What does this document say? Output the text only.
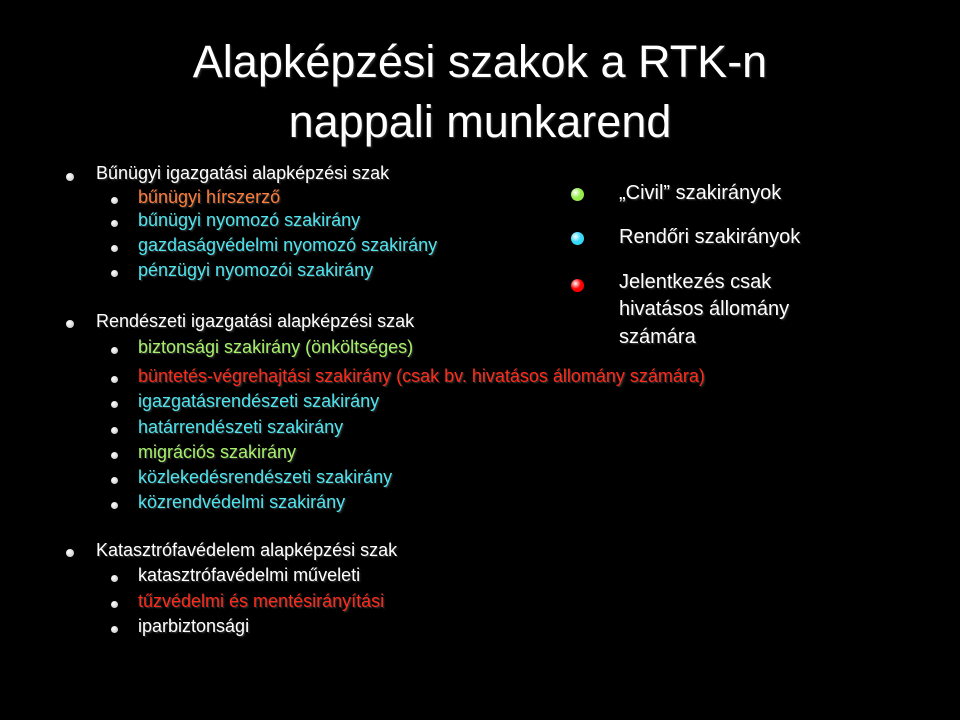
Alapképzési szakok a RTK-n
nappali munkarend
Bűnügyi igazgatási alapképzési szak
bűnügyi hírszerző
bűnügyi nyomozó szakirány
gazdaságvédelmi nyomozó szakirány
pénzügyi nyomozói szakirány
Rendészeti igazgatási alapképzési szak
biztonsági szakirány (önköltséges)
büntetés-végrehajtási szakirány (csak bv. hivatásos állomány számára)
igazgatásrendészeti szakirány
határrendészeti szakirány
migrációs szakirány
közlekedésrendészeti szakirány
közrendvédelmi szakirány
Katasztrófavédelem alapképzési szak
katasztrófavédelmi műveleti
tűzvédelmi és mentésirányítási
iparbiztonsági
„Civil” szakirányok
Rendőri szakirányok
Jelentkezés csak
hivatásos állomány
számára
